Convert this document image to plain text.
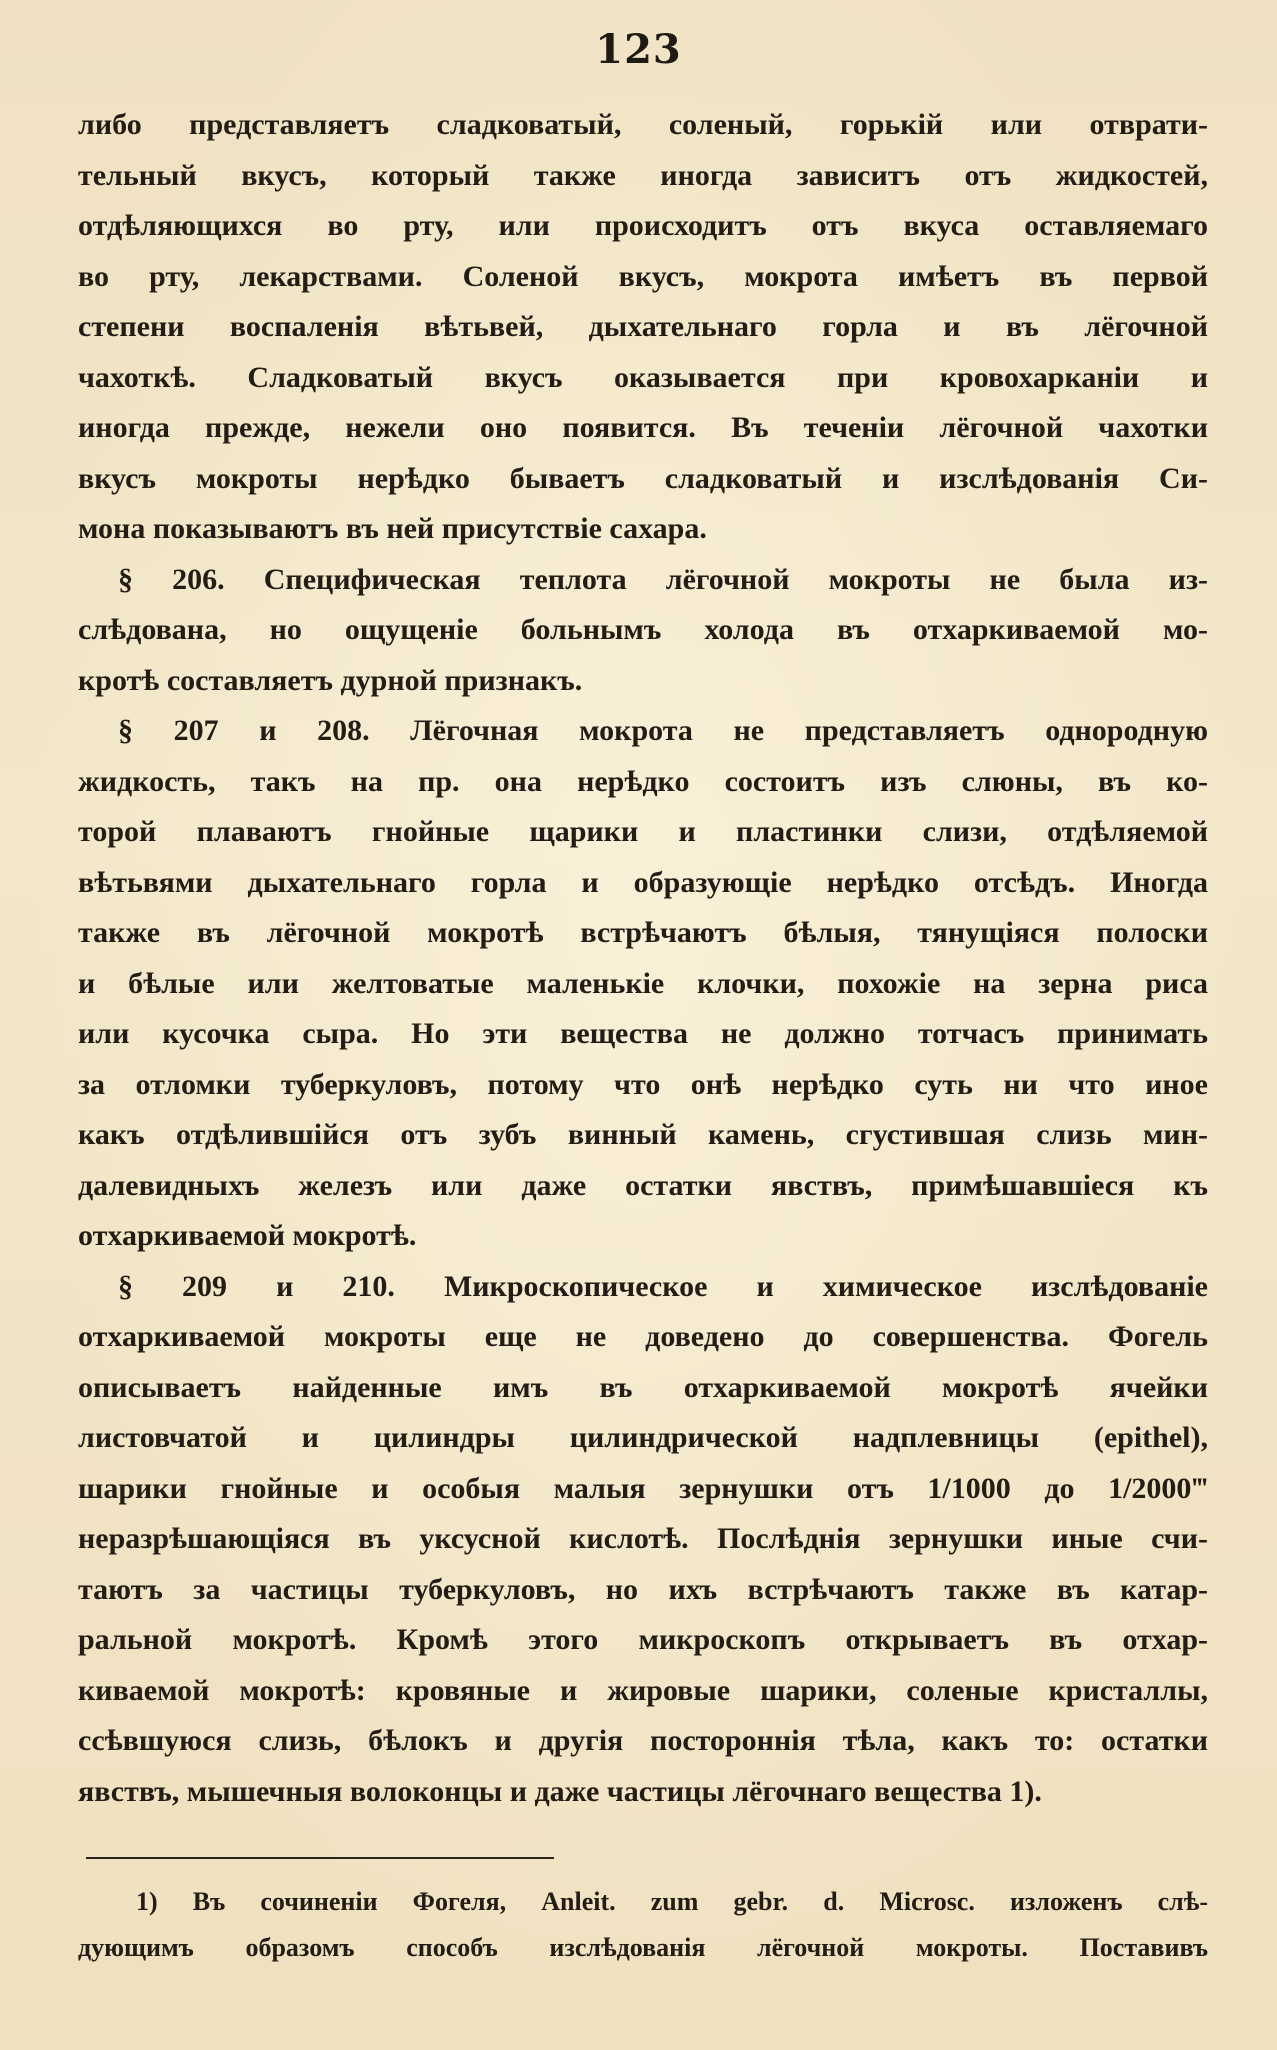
123
либо представляетъ сладковатый, соленый, горькій или отврати-
тельный вкусъ, который также иногда зависитъ отъ жидкостей,
отдѣляющихся во рту, или происходитъ отъ вкуса оставляемаго
во рту, лекарствами. Соленой вкусъ, мокрота имѣетъ въ первой
степени воспаленія вѣтьвей, дыхательнаго горла и въ лёгочной
чахоткѣ. Сладковатый вкусъ оказывается при кровохарканіи и
иногда прежде, нежели оно появится. Въ теченіи лёгочной чахотки
вкусъ мокроты нерѣдко бываетъ сладковатый и изслѣдованія Си-
мона показываютъ въ ней присутствіе сахара.
§ 206. Специфическая теплота лёгочной мокроты не была из-
слѣдована, но ощущеніе больнымъ холода въ отхаркиваемой мо-
кротѣ составляетъ дурной признакъ.
§ 207 и 208. Лёгочная мокрота не представляетъ однородную
жидкость, такъ на пр. она нерѣдко состоитъ изъ слюны, въ ко-
торой плаваютъ гнойные щарики и пластинки слизи, отдѣляемой
вѣтьвями дыхательнаго горла и образующіе нерѣдко отсѣдъ. Иногда
также въ лёгочной мокротѣ встрѣчаютъ бѣлыя, тянущіяся полоски
и бѣлые или желтоватые маленькіе клочки, похожіе на зерна риса
или кусочка сыра. Но эти вещества не должно тотчасъ принимать
за отломки туберкуловъ, потому что онѣ нерѣдко суть ни что иное
какъ отдѣлившійся отъ зубъ винный камень, сгустившая слизь мин-
далевидныхъ железъ или даже остатки явствъ, примѣшавшіеся къ
отхаркиваемой мокротѣ.
§ 209 и 210. Микроскопическое и химическое изслѣдованіе
отхаркиваемой мокроты еще не доведено до совершенства. Фогель
описываетъ найденные имъ въ отхаркиваемой мокротѣ ячейки
листовчатой и цилиндры цилиндрической надплевницы (epithel),
шарики гнойные и особыя малыя зернушки отъ 1/1000 до 1/2000‴
неразрѣшающіяся въ уксусной кислотѣ. Послѣднія зернушки иные счи-
таютъ за частицы туберкуловъ, но ихъ встрѣчаютъ также въ катар-
ральной мокротѣ. Кромѣ этого микроскопъ открываетъ въ отхар-
киваемой мокротѣ: кровяные и жировые шарики, соленые кристаллы,
ссѣвшуюся слизь, бѣлокъ и другія постороннія тѣла, какъ то: остатки
явствъ, мышечныя волоконцы и даже частицы лёгочнаго вещества 1).
1) Въ сочиненіи Фогеля, Anleit. zum gebr. d. Microsc. изложенъ слѣ-
дующимъ образомъ способъ изслѣдованія лёгочной мокроты. Поставивъ
